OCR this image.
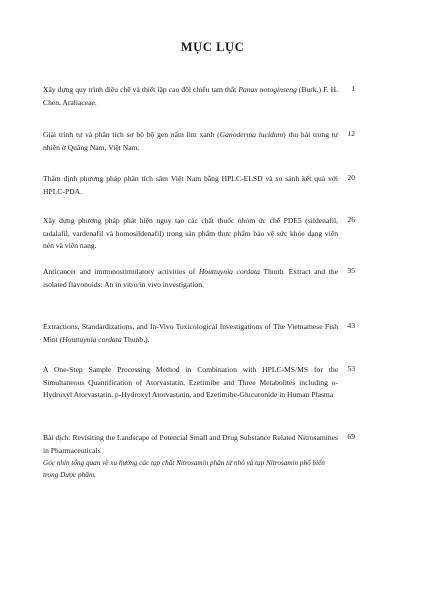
MỤC LỤC
Xây dựng quy trình điều chế và thiết lập cao đối chiếu tam thất Panax notoginseng (Burk.) F. H. Chen, Araliaceae.
1
Giải trình tự và phân tích sơ bộ bộ gen nấm lim xanh (Ganoderma lucidum) thu hái trong tự nhiên ở Quảng Nam, Việt Nam.
12
Thẩm định phương pháp phân tích sâm Việt Nam bằng HPLC-ELSD và so sánh kết quả với HPLC-PDA.
20
Xây dựng phương pháp phát hiện nguy tạo các chất thuốc nhóm ức chế PDE5 (sildenafil, tadalafil, vardenafil và homosildenafil) trong sản phẩm thực phẩm bảo vệ sức khỏe dạng viên nén và viên nang.
26
Anticancer and immunostimulatory activities of Houttuynia cordata Thunb. Extract and the isolated flavonoids: An in vitro/in vivo investigation.
35
Extractions, Standardizations, and In-Vivo Toxicological Investigations of The Vietnamese Fish Mint (Houttuynia cordata Thunb.).
43
A One-Step Sample Processing Method in Combination with HPLC-MS/MS for the Simultaneous Quantification of Atorvastatin, Ezetimibe and Three Metabolites including o-Hydroxyl Atorvastatin, p-Hydroxyl Atorvastatin, and Ezetimibe-Glucuronide in Human Plasma
53
Bài dịch: Revisiting the Landscape of Potencial Small and Drug Substance Related Nitrosamines in Pharmaceuticals
Góc nhìn tổng quan về xu hướng các tạp chất Nitrosamin phân tử nhỏ và tạp Nitrosamin phổ biến trong Dược phẩm.
69
